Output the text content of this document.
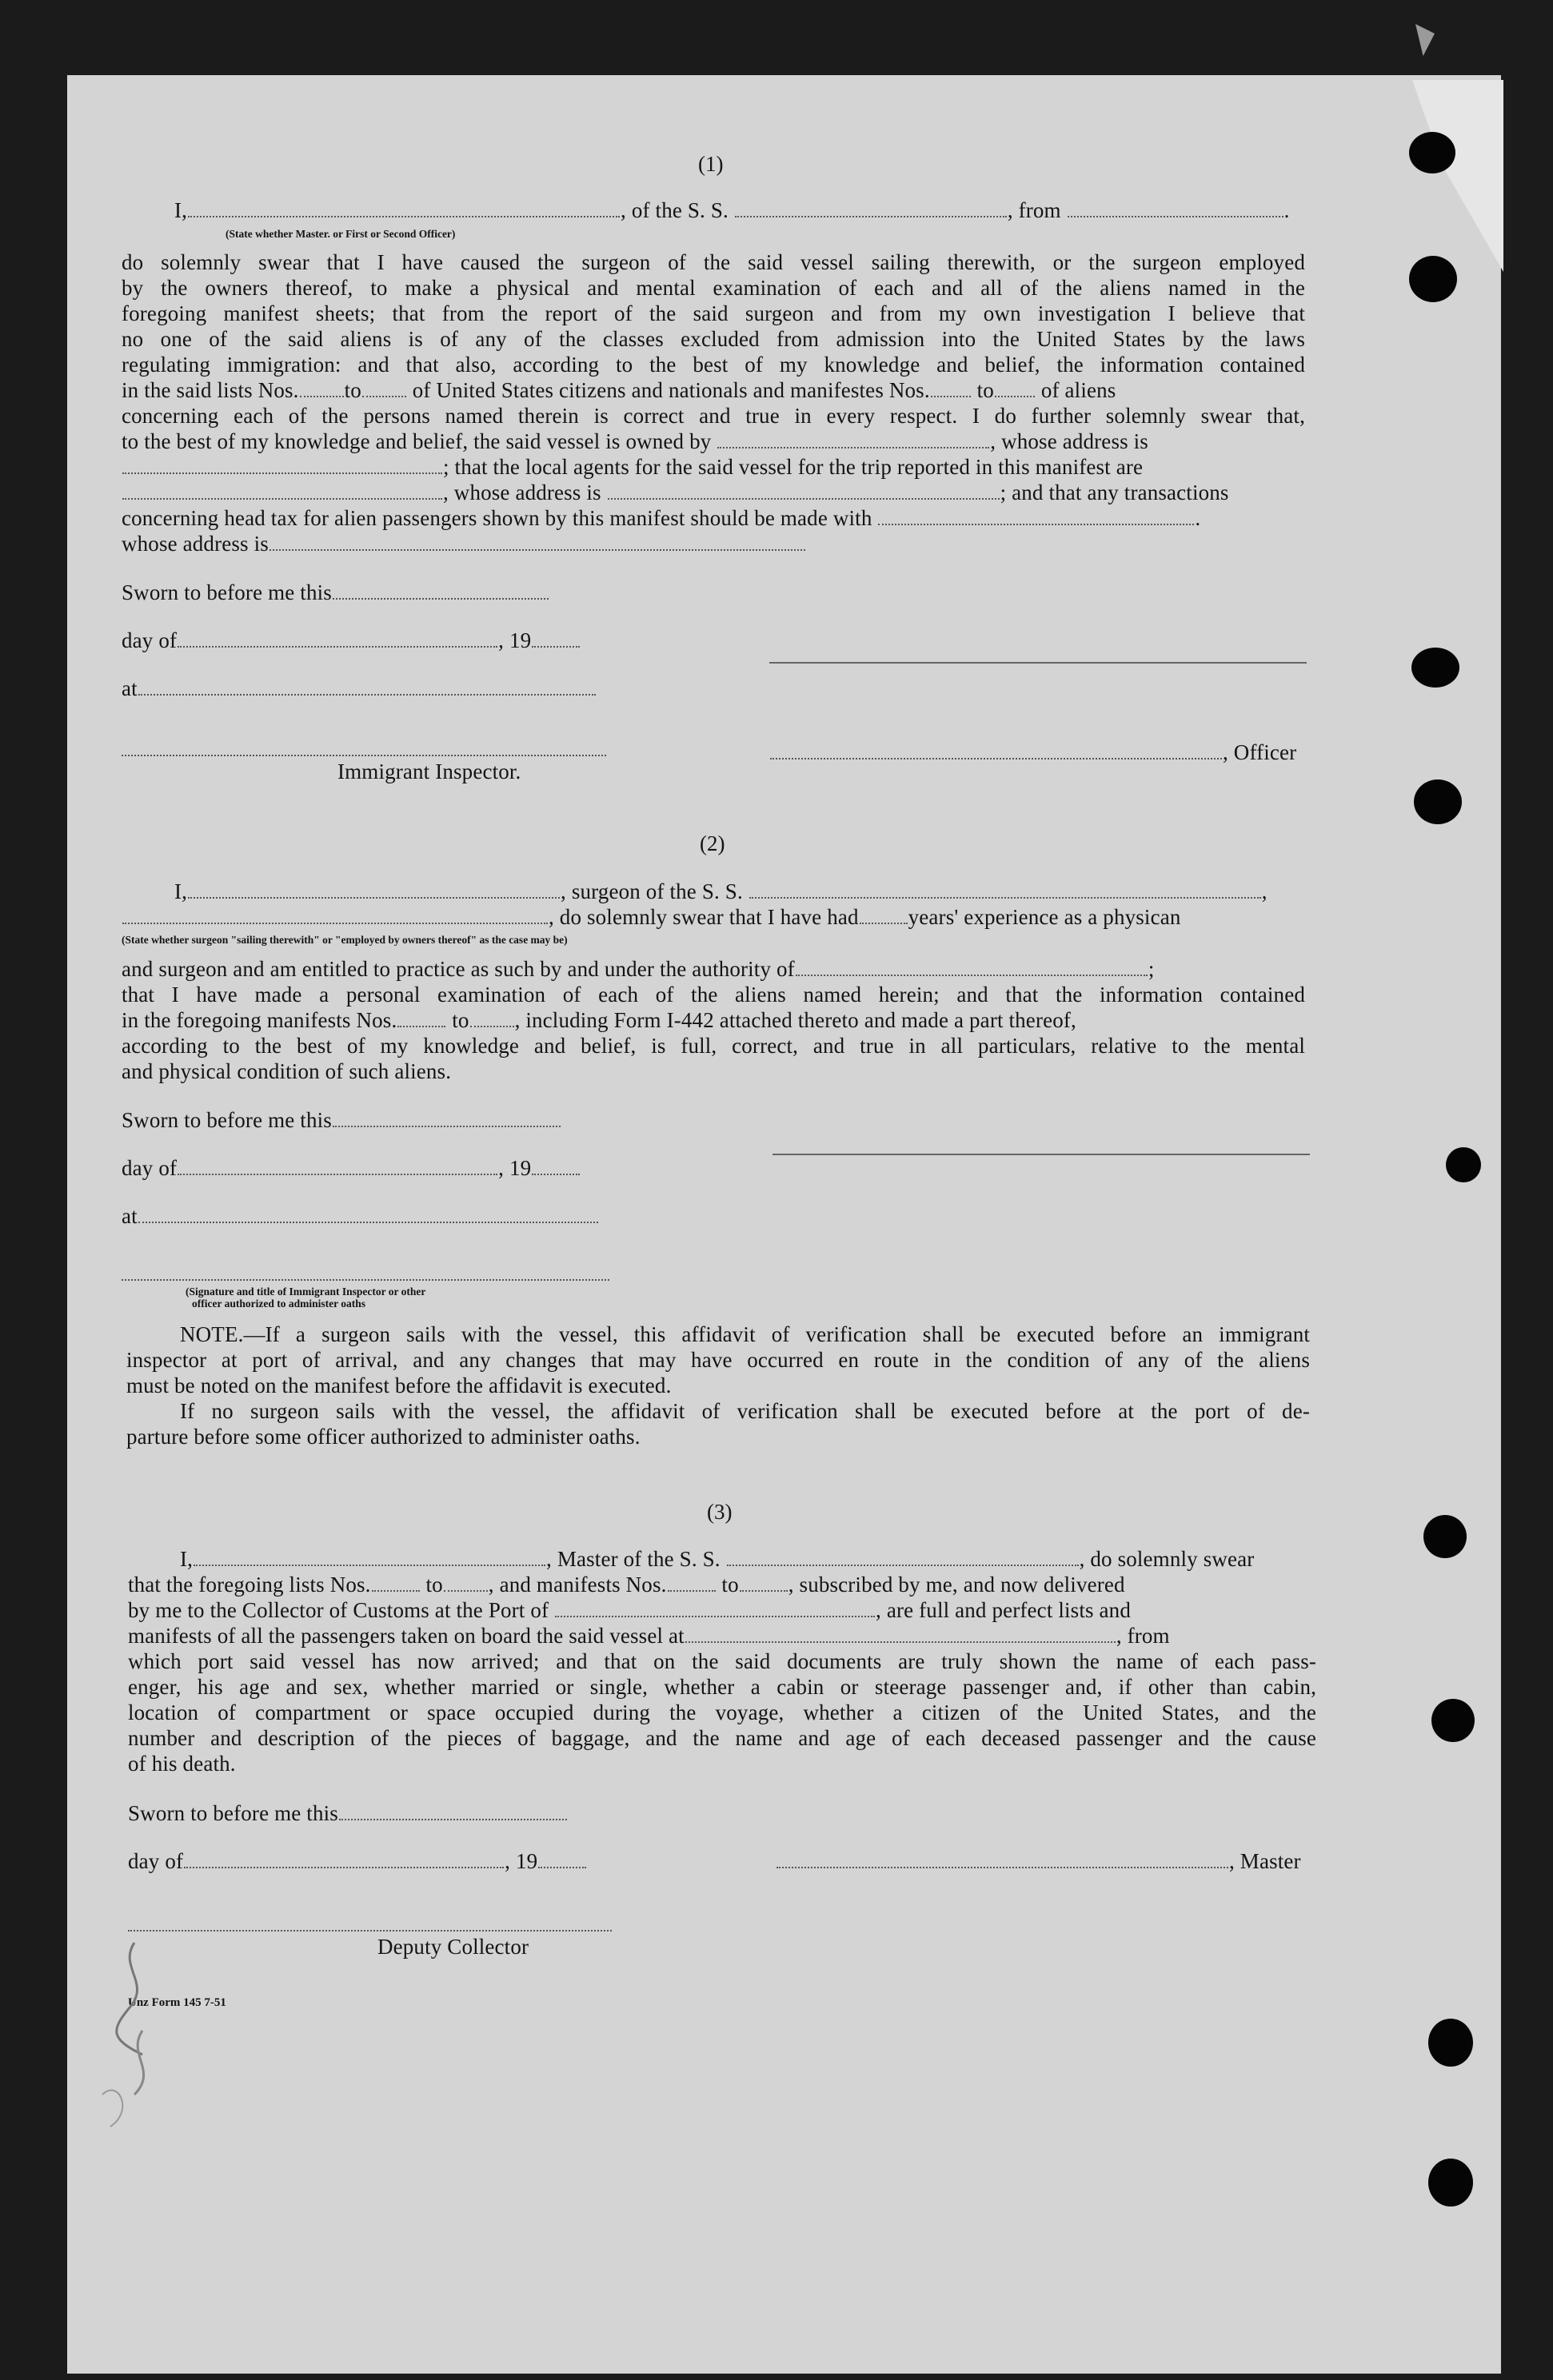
(1)
I,	, of the S. S.	, from	.
(State whether Master. or First or Second Officer)
do solemnly swear that I have caused the surgeon of the said vessel sailing therewith, or the surgeon employed
by the owners thereof, to make a physical and mental examination of each and all of the aliens named in the
foregoing manifest sheets; that from the report of the said surgeon and from my own investigation I believe that
no one of the said aliens is of any of the classes excluded from admission into the United States by the laws
regulating immigration: and that also, according to the best of my knowledge and belief, the information contained
in the said lists Nos. to of United States citizens and nationals and manifestes Nos. to of aliens
concerning each of the persons named therein is correct and true in every respect. I do further solemnly swear that,
to the best of my knowledge and belief, the said vessel is owned by	, whose address is
; that the local agents for the said vessel for the trip reported in this manifest are
, whose address is	; and that any transactions
concerning head tax for alien passengers shown by this manifest should be made with	.
whose address is
Sworn to before me this
day of	, 19
at
Immigrant Inspector.
, Officer
(2)
I,	, surgeon of the S. S.	,
, do solemnly swear that I have had years' experience as a physican
(State whether surgeon "sailing therewith" or "employed by owners thereof" as the case may be)
and surgeon and am entitled to practice as such by and under the authority of	;
that I have made a personal examination of each of the aliens named herein; and that the information contained
in the foregoing manifests Nos.	to , including Form I-442 attached thereto and made a part thereof,
according to the best of my knowledge and belief, is full, correct, and true in all particulars, relative to the mental
and physical condition of such aliens.
Sworn to before me this
day of	, 19
at
(Signature and title of Immigrant Inspector or other
officer authorized to administer oaths
NOTE.—If a surgeon sails with the vessel, this affidavit of verification shall be executed before an immigrant
inspector at port of arrival, and any changes that may have occurred en route in the condition of any of the aliens
must be noted on the manifest before the affidavit is executed.
If no surgeon sails with the vessel, the affidavit of verification shall be executed before at the port of de-
parture before some officer authorized to administer oaths.
(3)
I,	, Master of the S. S.	, do solemnly swear
that the foregoing lists Nos.	to , and manifests Nos.	to , subscribed by me, and now delivered
by me to the Collector of Customs at the Port of	, are full and perfect lists and
manifests of all the passengers taken on board the said vessel at	, from
which port said vessel has now arrived; and that on the said documents are truly shown the name of each pass-
enger, his age and sex, whether married or single, whether a cabin or steerage passenger and, if other than cabin,
location of compartment or space occupied during the voyage, whether a citizen of the United States, and the
number and description of the pieces of baggage, and the name and age of each deceased passenger and the cause
of his death.
Sworn to before me this
day of	, 19	, Master
Deputy Collector
Unz Form 145 7-51
